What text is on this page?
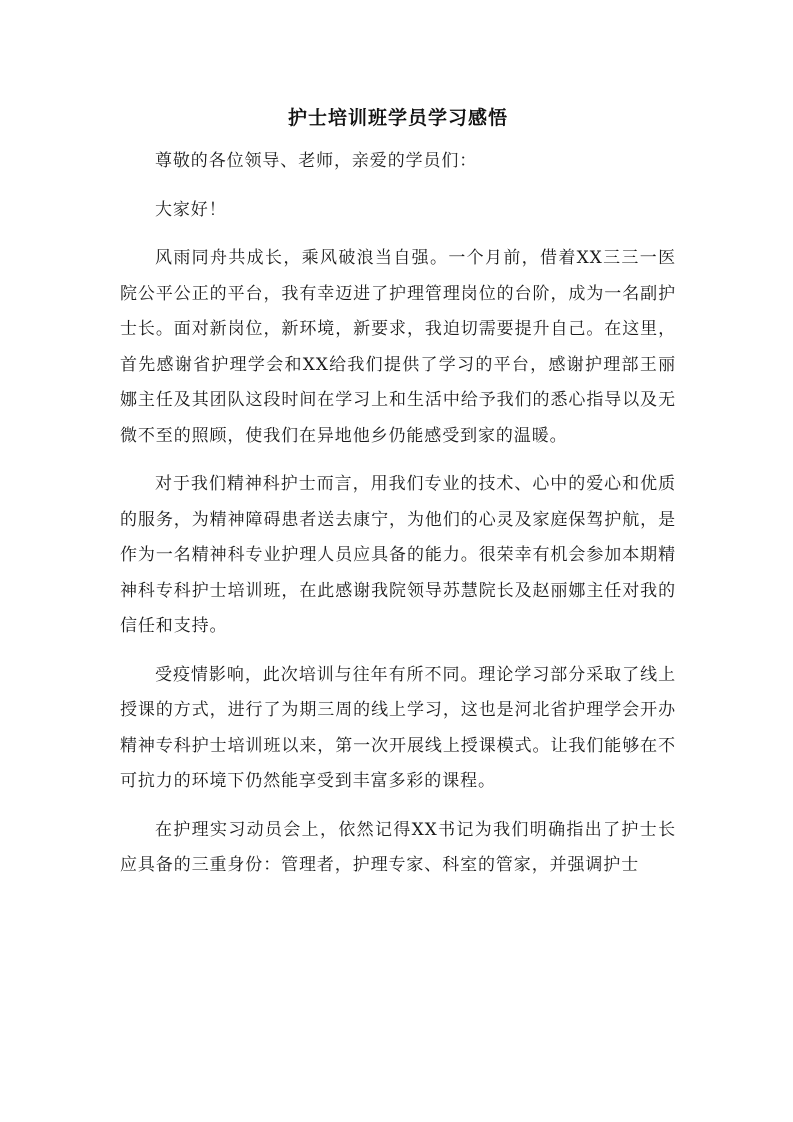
护士培训班学员学习感悟

尊敬的各位领导、老师，亲爱的学员们：

大家好！

风雨同舟共成长，乘风破浪当自强。一个月前，借着XX三三一医院公平公正的平台，我有幸迈进了护理管理岗位的台阶，成为一名副护士长。面对新岗位，新环境，新要求，我迫切需要提升自己。在这里，首先感谢省护理学会和XX给我们提供了学习的平台，感谢护理部王丽娜主任及其团队这段时间在学习上和生活中给予我们的悉心指导以及无微不至的照顾，使我们在异地他乡仍能感受到家的温暖。

对于我们精神科护士而言，用我们专业的技术、心中的爱心和优质的服务，为精神障碍患者送去康宁，为他们的心灵及家庭保驾护航，是作为一名精神科专业护理人员应具备的能力。很荣幸有机会参加本期精神科专科护士培训班，在此感谢我院领导苏慧院长及赵丽娜主任对我的信任和支持。

受疫情影响，此次培训与往年有所不同。理论学习部分采取了线上授课的方式，进行了为期三周的线上学习，这也是河北省护理学会开办精神专科护士培训班以来，第一次开展线上授课模式。让我们能够在不可抗力的环境下仍然能享受到丰富多彩的课程。

在护理实习动员会上，依然记得XX书记为我们明确指出了护士长应具备的三重身份：管理者，护理专家、科室的管家，并强调护士
